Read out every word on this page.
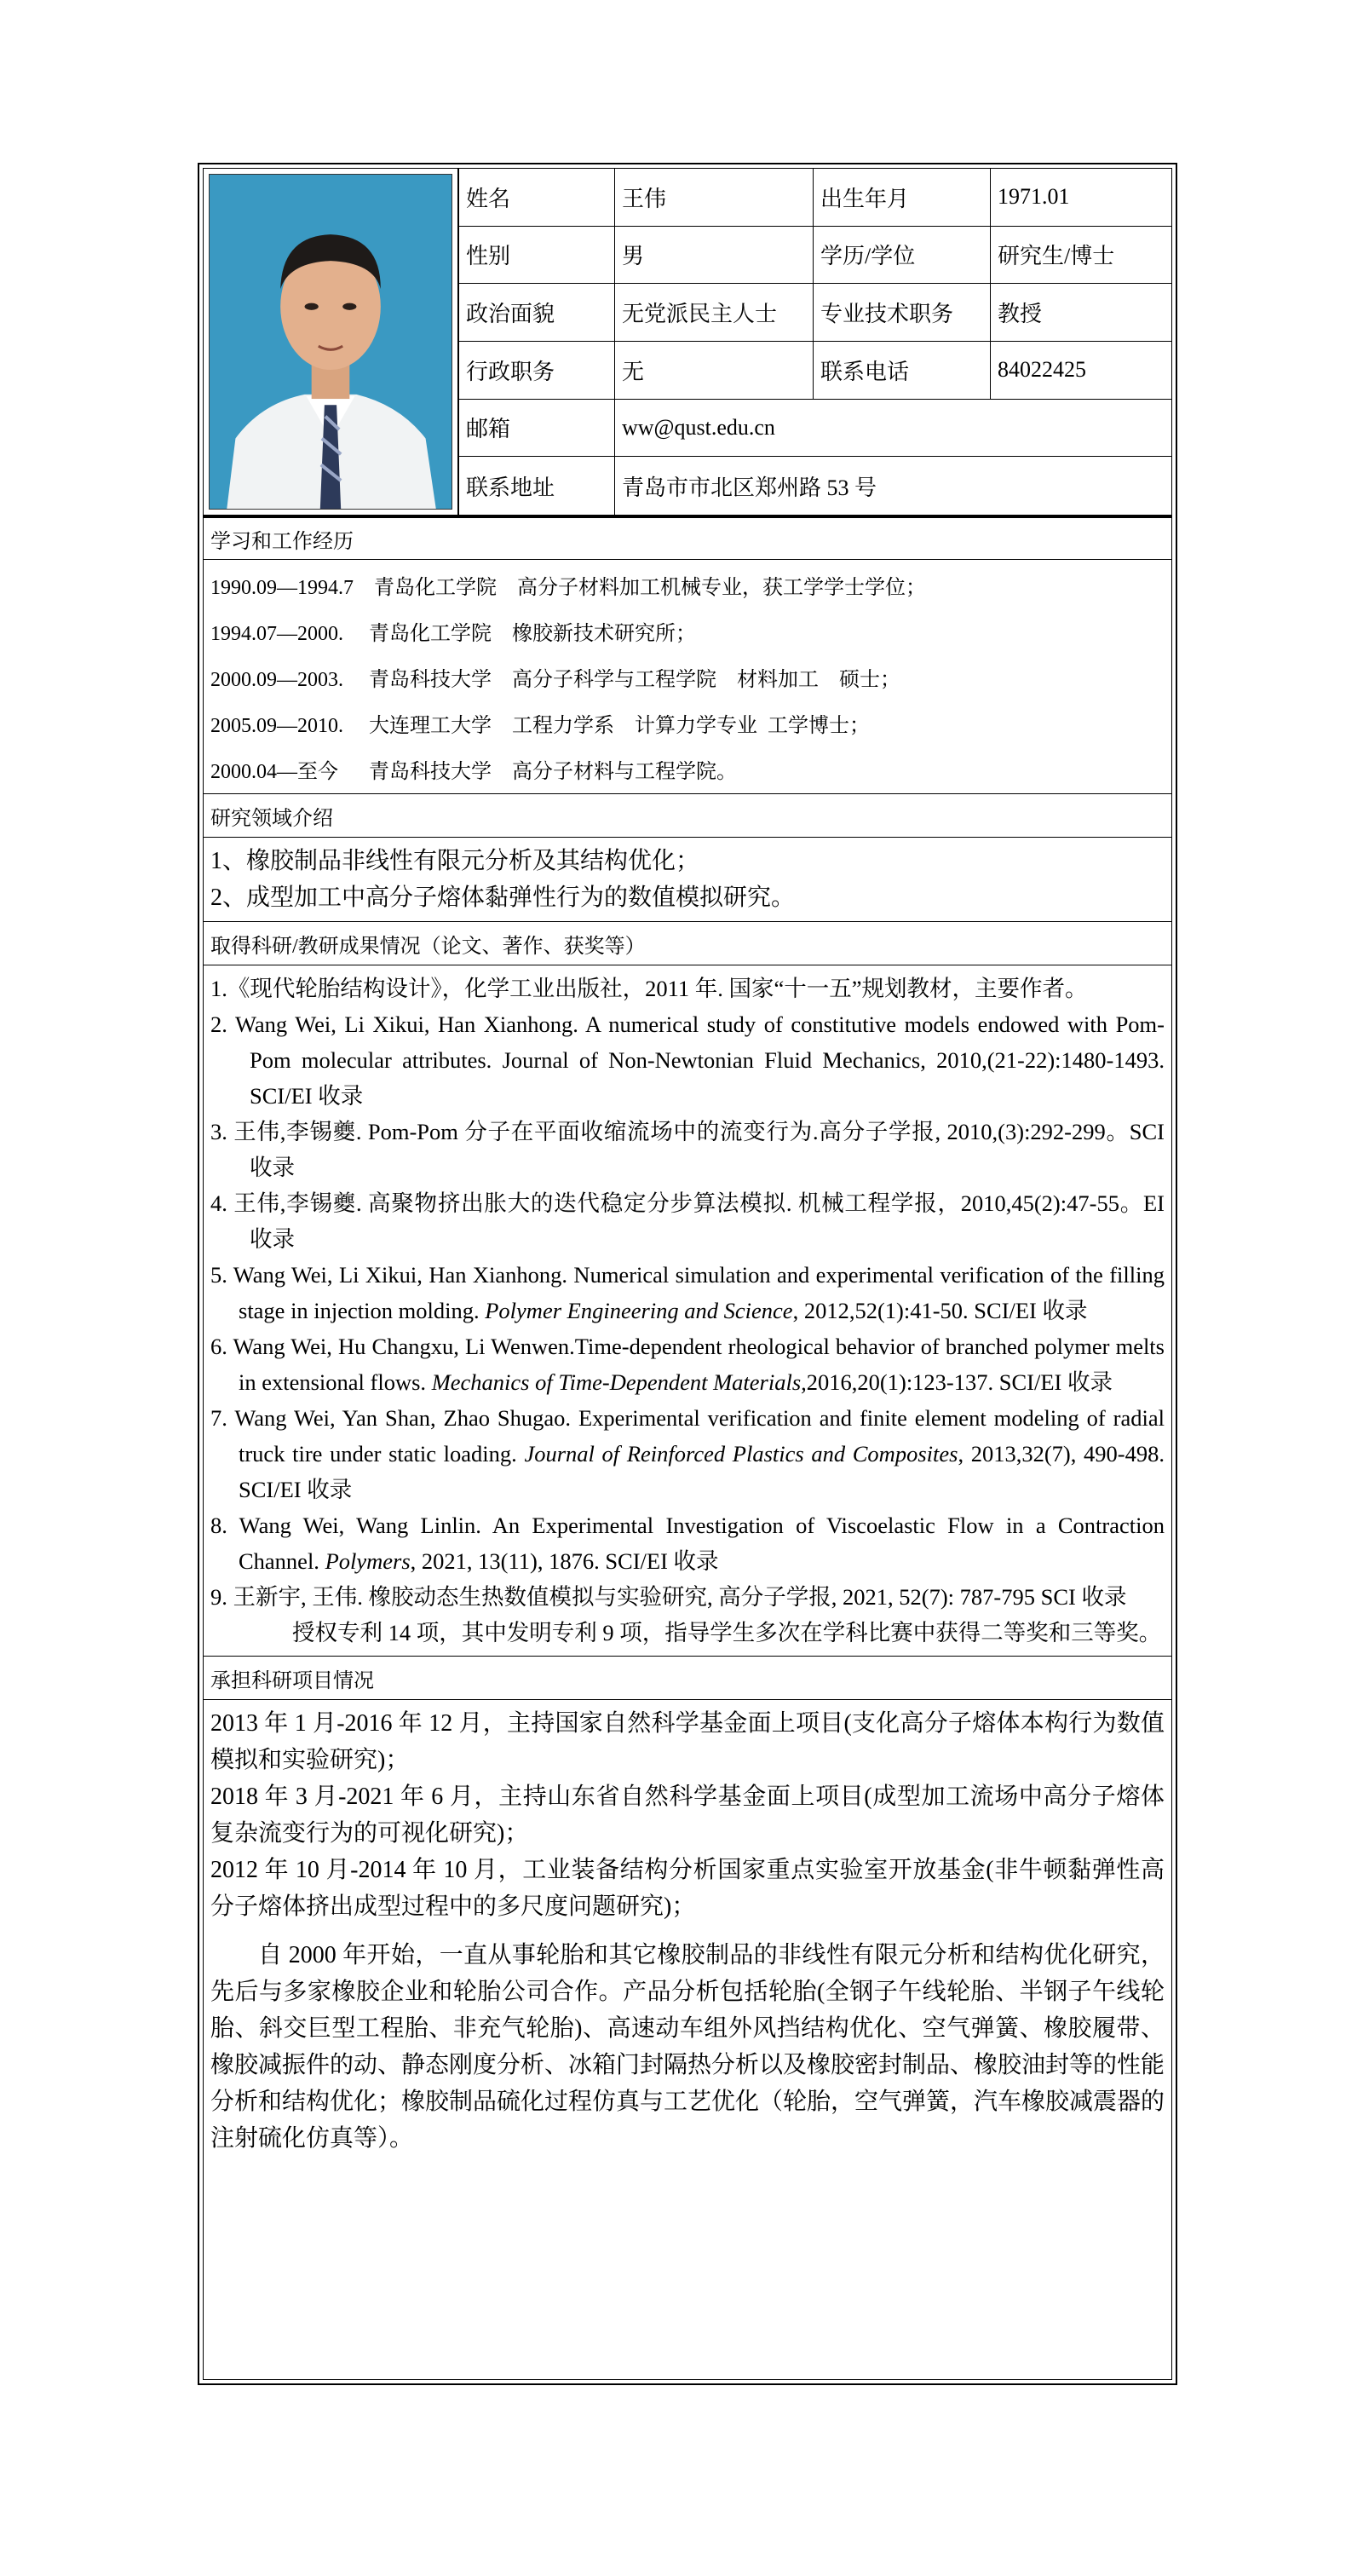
姓名	王伟	出生年月	1971.01
性别	男	学历/学位	研究生/博士
政治面貌	无党派民主人士	专业技术职务	教授
行政职务	无	联系电话	84022425
邮箱	ww@qust.edu.cn
联系地址	青岛市市北区郑州路 53 号
学习和工作经历
1990.09—1994.7    青岛化工学院    高分子材料加工机械专业，获工学学士学位；
1994.07—2000.     青岛化工学院    橡胶新技术研究所；
2000.09—2003.     青岛科技大学    高分子科学与工程学院    材料加工    硕士；
2005.09—2010.     大连理工大学    工程力学系    计算力学专业  工学博士；
2000.04—至今      青岛科技大学    高分子材料与工程学院。
研究领域介绍
1、橡胶制品非线性有限元分析及其结构优化；
2、成型加工中高分子熔体黏弹性行为的数值模拟研究。
取得科研/教研成果情况（论文、著作、获奖等）

1.《现代轮胎结构设计》，化学工业出版社，2011 年. 国家“十一五”规划教材，主要作者。

2. Wang Wei, Li Xikui, Han Xianhong. A numerical study of constitutive models endowed with Pom-Pom molecular attributes. Journal of Non-Newtonian Fluid Mechanics, 2010,(21-22):1480-1493. SCI/EI 收录

3. 王伟,李锡夔. Pom-Pom 分子在平面收缩流场中的流变行为.高分子学报, 2010,(3):292-299。SCI 收录

4. 王伟,李锡夔. 高聚物挤出胀大的迭代稳定分步算法模拟. 机械工程学报，2010,45(2):47-55。EI 收录

5. Wang Wei, Li Xikui, Han Xianhong. Numerical simulation and experimental verification of the filling stage in injection molding. Polymer Engineering and Science, 2012,52(1):41-50. SCI/EI 收录

6. Wang Wei, Hu Changxu, Li Wenwen.Time-dependent rheological behavior of branched polymer melts in extensional flows. Mechanics of Time-Dependent Materials,2016,20(1):123-137. SCI/EI 收录

7. Wang Wei, Yan Shan, Zhao Shugao. Experimental verification and finite element modeling of radial truck tire under static loading. Journal of Reinforced Plastics and Composites, 2013,32(7), 490-498. SCI/EI 收录

8. Wang Wei, Wang Linlin. An Experimental Investigation of Viscoelastic Flow in a Contraction Channel. Polymers, 2021, 13(11), 1876. SCI/EI 收录

9. 王新宇, 王伟. 橡胶动态生热数值模拟与实验研究, 高分子学报, 2021, 52(7): 787-795 SCI 收录

授权专利 14 项，其中发明专利 9 项，指导学生多次在学科比赛中获得二等奖和三等奖。

承担科研项目情况

2013 年 1 月-2016 年 12 月，主持国家自然科学基金面上项目(支化高分子熔体本构行为数值模拟和实验研究)；

2018 年 3 月-2021 年 6 月，主持山东省自然科学基金面上项目(成型加工流场中高分子熔体复杂流变行为的可视化研究)；

2012 年 10 月-2014 年 10 月，工业装备结构分析国家重点实验室开放基金(非牛顿黏弹性高分子熔体挤出成型过程中的多尺度问题研究)；

自 2000 年开始，一直从事轮胎和其它橡胶制品的非线性有限元分析和结构优化研究，先后与多家橡胶企业和轮胎公司合作。产品分析包括轮胎(全钢子午线轮胎、半钢子午线轮胎、斜交巨型工程胎、非充气轮胎)、高速动车组外风挡结构优化、空气弹簧、橡胶履带、橡胶减振件的动、静态刚度分析、冰箱门封隔热分析以及橡胶密封制品、橡胶油封等的性能分析和结构优化；橡胶制品硫化过程仿真与工艺优化（轮胎，空气弹簧，汽车橡胶减震器的注射硫化仿真等）。
